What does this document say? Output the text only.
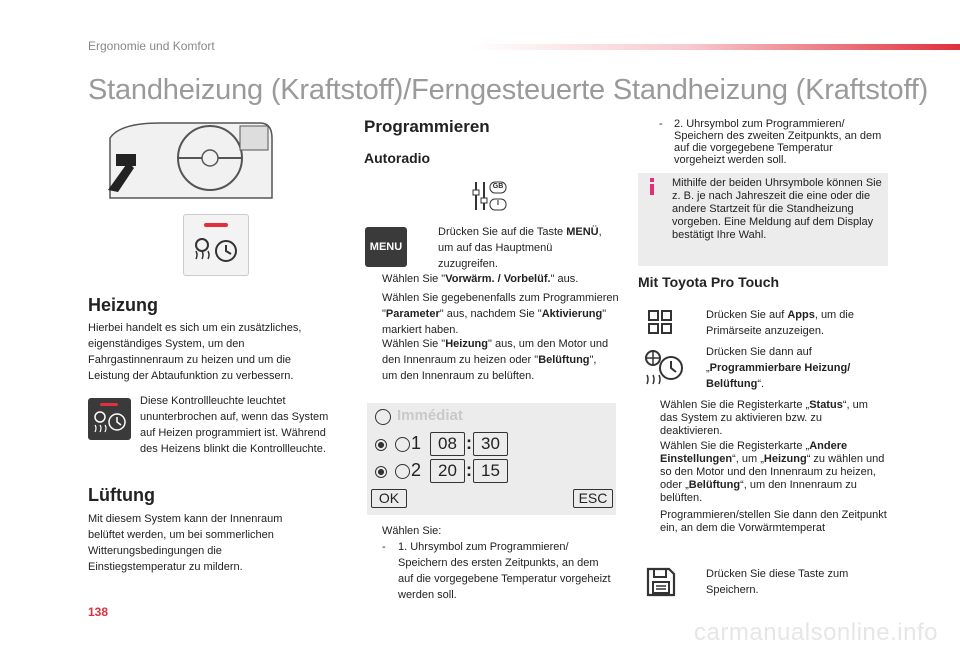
Ergonomie und Komfort
Standheizung (Kraftstoff)/Ferngesteuerte Standheizung (Kraftstoff)
Heizung
Hierbei handelt es sich um ein zusätzliches, eigenständiges System, um den Fahrgastinnenraum zu heizen und um die Leistung der Abtaufunktion zu verbessern.
Diese Kontrollleuchte leuchtet ununterbrochen auf, wenn das System auf Heizen programmiert ist. Während des Heizens blinkt die Kontrollleuchte.
Lüftung
Mit diesem System kann der Innenraum belüftet werden, um bei sommerlichen Witterungsbedingungen die Einstiegstemperatur zu mildern.
Programmieren
Autoradio
GB
I
MENU
Drücken Sie auf die Taste MENÜ, um auf das Hauptmenü zuzugreifen.
Wählen Sie "Vorwärm. / Vorbelüf." aus.
Wählen Sie gegebenenfalls zum Programmieren "Parameter" aus, nachdem Sie "Aktivierung" markiert haben.
Wählen Sie "Heizung" aus, um den Motor und den Innenraum zu heizen oder "Belüftung", um den Innenraum zu belüften.
Immédiat
1	08 : 30
2	20 : 15
OK	ESC
Wählen Sie:
- 1. Uhrsymbol zum Programmieren/ Speichern des ersten Zeitpunkts, an dem auf die vorgegebene Temperatur vorgeheizt werden soll.
- 2. Uhrsymbol zum Programmieren/ Speichern des zweiten Zeitpunkts, an dem auf die vorgegebene Temperatur vorgeheizt werden soll.
Mithilfe der beiden Uhrsymbole können Sie z. B. je nach Jahreszeit die eine oder die andere Startzeit für die Standheizung vorgeben. Eine Meldung auf dem Display bestätigt Ihre Wahl.
Mit Toyota Pro Touch
Drücken Sie auf Apps, um die Primärseite anzuzeigen.
Drücken Sie dann auf „Programmierbare Heizung/ Belüftung“.
Wählen Sie die Registerkarte „Status“, um das System zu aktivieren bzw. zu deaktivieren.
Wählen Sie die Registerkarte „Andere Einstellungen“, um „Heizung“ zu wählen und so den Motor und den Innenraum zu heizen, oder „Belüftung“, um den Innenraum zu belüften.
Programmieren/stellen Sie dann den Zeitpunkt ein, an dem die Vorwärmtemperat
Drücken Sie diese Taste zum Speichern.
138
carmanualsonline.info
